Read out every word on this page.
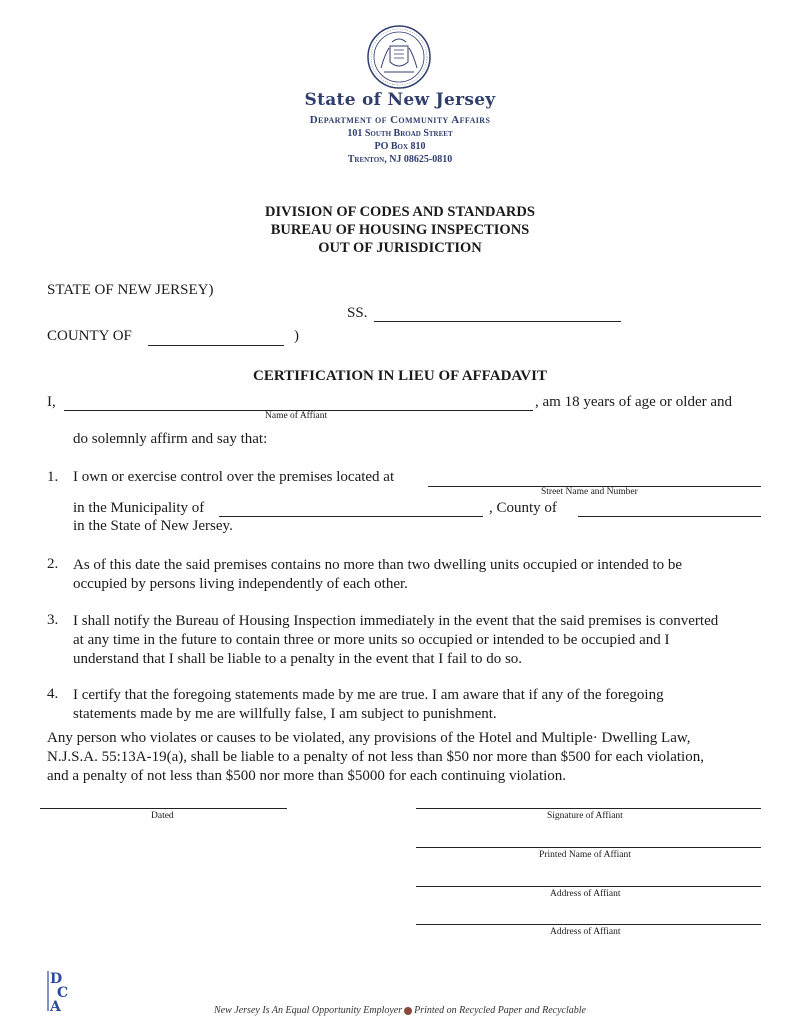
State of New Jersey
Department of Community Affairs
101 South Broad Street
PO Box 810
Trenton, NJ 08625-0810
DIVISION OF CODES AND STANDARDS
BUREAU OF HOUSING INSPECTIONS
OUT OF JURISDICTION
STATE OF NEW JERSEY)
SS.
COUNTY OF	)
CERTIFICATION IN LIEU OF AFFADAVIT
I,	, am 18 years of age or older and
Name of Affiant
do solemnly affirm and say that:
1. I own or exercise control over the premises located at
Street Name and Number
in the Municipality of	, County of
in the State of New Jersey.
2. As of this date the said premises contains no more than two dwelling units occupied or intended to be
occupied by persons living independently of each other.
3. I shall notify the Bureau of Housing Inspection immediately in the event that the said premises is converted
at any time in the future to contain three or more units so occupied or intended to be occupied and I
understand that I shall be liable to a penalty in the event that I fail to do so.
4. I certify that the foregoing statements made by me are true. I am aware that if any of the foregoing
statements made by me are willfully false, I am subject to punishment.
Any person who violates or causes to be violated, any provisions of the Hotel and Multiple· Dwelling Law,
N.J.S.A. 55:13A-19(a), shall be liable to a penalty of not less than $50 nor more than $500 for each violation,
and a penalty of not less than $500 nor more than $5000 for each continuing violation.
Dated	Signature of Affiant
Printed Name of Affiant
Address of Affiant
Address of Affiant
D
C
A	New Jersey Is An Equal Opportunity Employer Printed on Recycled Paper and Recyclable
